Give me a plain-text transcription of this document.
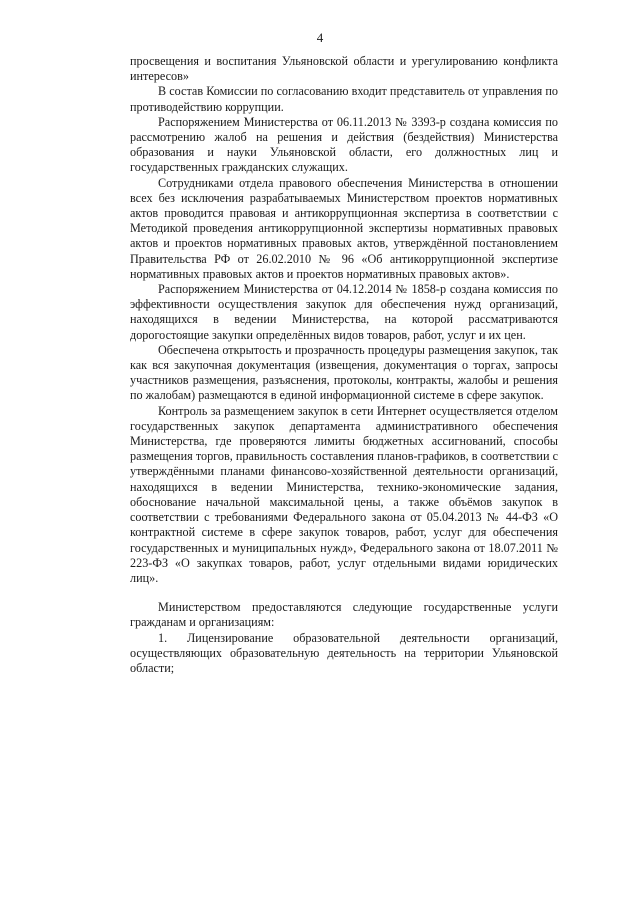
4

просвещения и воспитания Ульяновской области и урегулированию конфликта интересов»

В состав Комиссии по согласованию входит представитель от управления по противодействию коррупции.

Распоряжением Министерства от 06.11.2013 № 3393-р создана комиссия по рассмотрению жалоб на решения и действия (бездействия) Министерства образования и науки Ульяновской области, его должностных лиц и государственных гражданских служащих.

Сотрудниками отдела правового обеспечения Министерства в отношении всех без исключения разрабатываемых Министерством проектов нормативных актов проводится правовая и антикоррупционная экспертиза в соответствии с Методикой проведения антикоррупционной экспертизы нормативных правовых актов и проектов нормативных правовых актов, утверждённой постановлением Правительства РФ от 26.02.2010 № 96 «Об антикоррупционной экспертизе нормативных правовых актов и проектов нормативных правовых актов».

Распоряжением Министерства от 04.12.2014 № 1858-р создана комиссия по эффективности осуществления закупок для обеспечения нужд организаций, находящихся в ведении Министерства, на которой рассматриваются дорогостоящие закупки определённых видов товаров, работ, услуг и их цен.

Обеспечена открытость и прозрачность процедуры размещения закупок, так как вся закупочная документация (извещения, документация о торгах, запросы участников размещения, разъяснения, протоколы, контракты, жалобы и решения по жалобам) размещаются в единой информационной системе в сфере закупок.

Контроль за размещением закупок в сети Интернет осуществляется отделом государственных закупок департамента административного обеспечения Министерства, где проверяются лимиты бюджетных ассигнований, способы размещения торгов, правильность составления планов-графиков, в соответствии с утверждёнными планами финансово-хозяйственной деятельности организаций, находящихся в ведении Министерства, технико-экономические задания, обоснование начальной максимальной цены, а также объёмов закупок в соответствии с требованиями Федерального закона от 05.04.2013 № 44-ФЗ «О контрактной системе в сфере закупок товаров, работ, услуг для обеспечения государственных и муниципальных нужд», Федерального закона от 18.07.2011 № 223-ФЗ «О закупках товаров, работ, услуг отдельными видами юридических лиц».

Министерством предоставляются следующие государственные услуги гражданам и организациям:

1. Лицензирование образовательной деятельности организаций, осуществляющих образовательную деятельность на территории Ульяновской области;
